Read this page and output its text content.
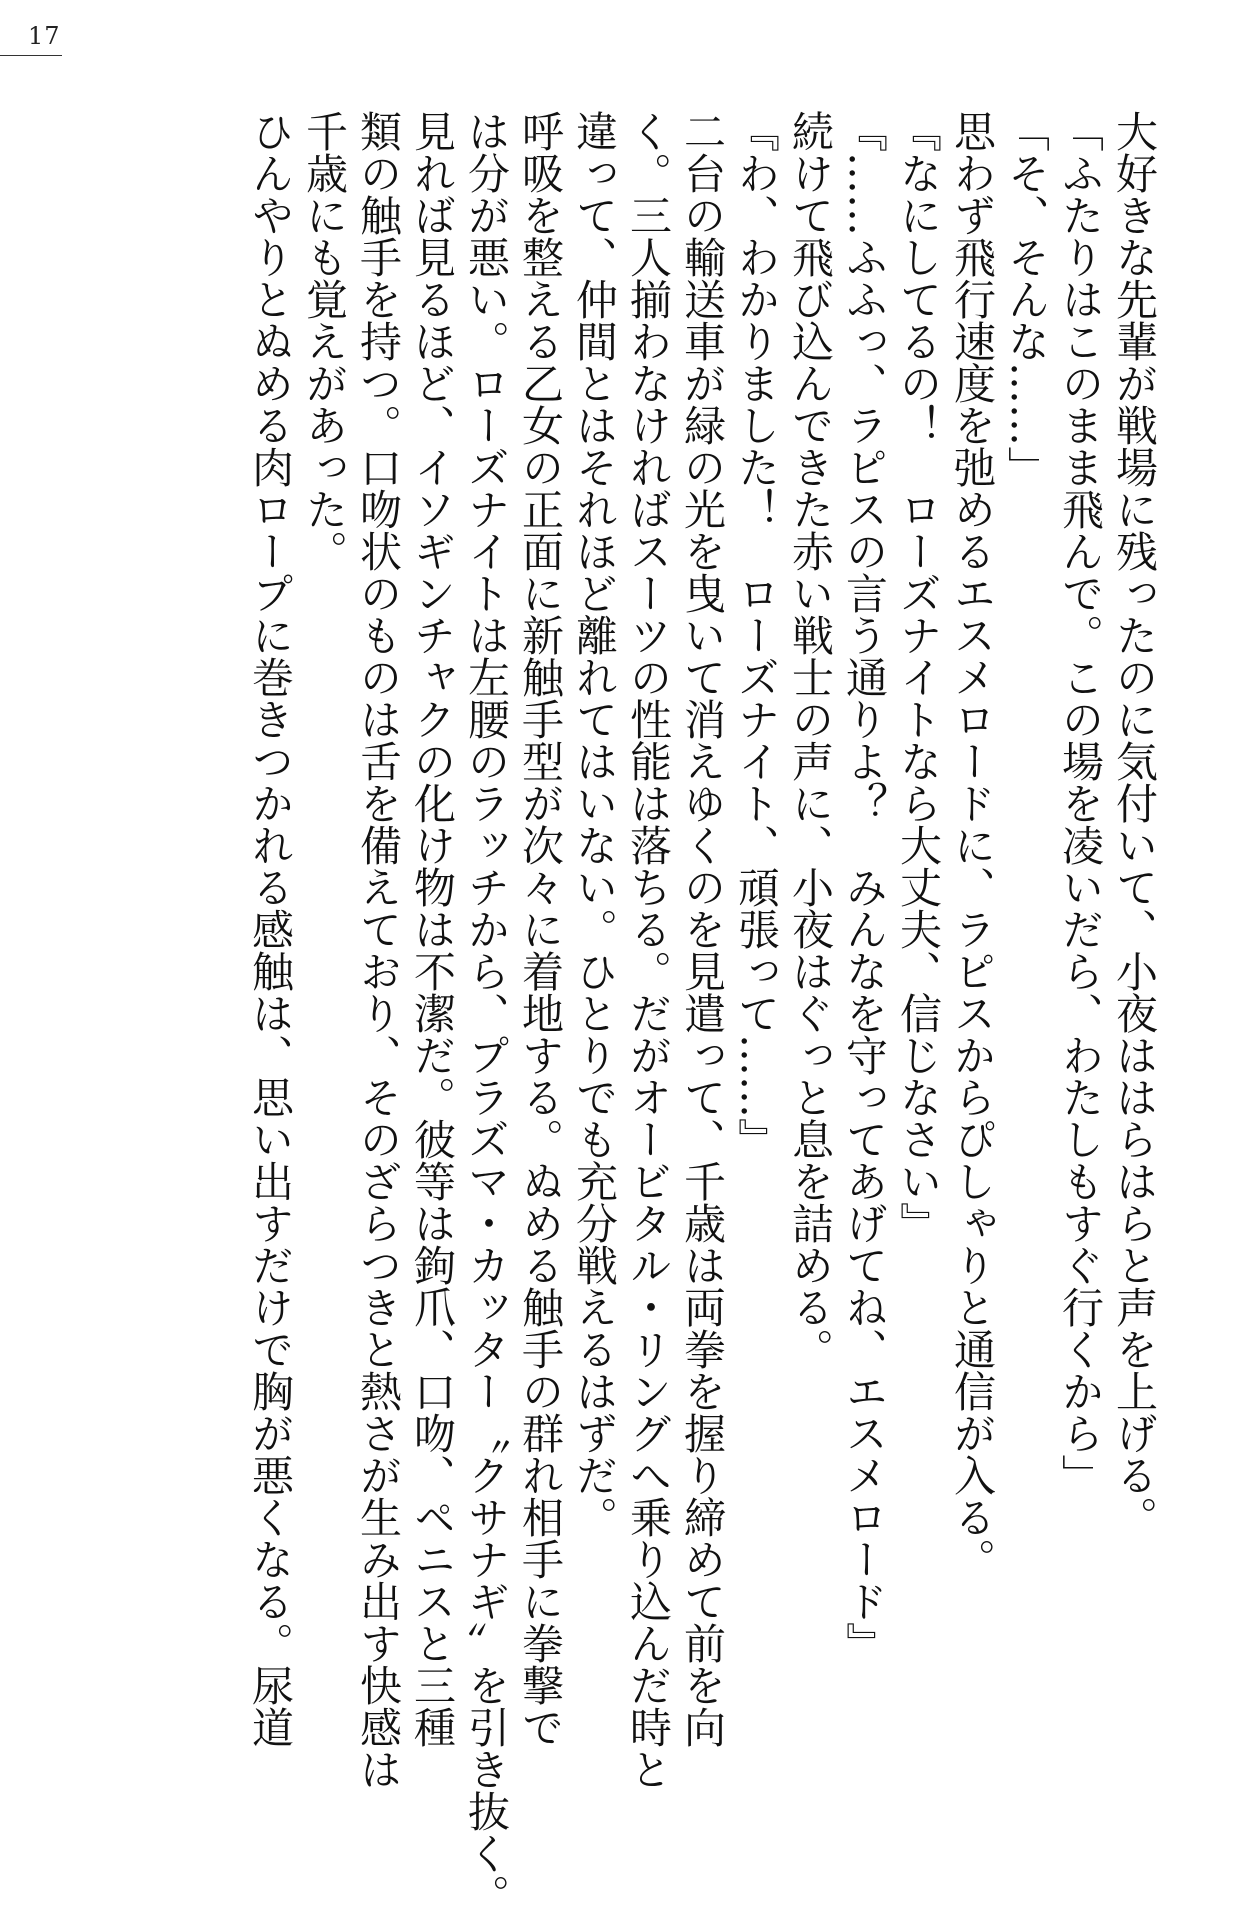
17
大好きな先輩が戦場に残ったのに気付いて、小夜ははらはらと声を上げる。
「ふたりはこのまま飛んで。この場を凌いだら、わたしもすぐ行くから」
「そ、そんな……」
思わず飛行速度を弛めるエスメロードに、ラピスからぴしゃりと通信が入る。
『なにしてるの！　ローズナイトなら大丈夫、信じなさい』
『……ふふっ、ラピスの言う通りよ？　みんなを守ってあげてね、エスメロード』
続けて飛び込んできた赤い戦士の声に、小夜はぐっと息を詰める。
『わ、わかりました！　ローズナイト、頑張って……』
二台の輸送車が緑の光を曳いて消えゆくのを見遣って、千歳は両拳を握り締めて前を向
く。三人揃わなければスーツの性能は落ちる。だがオービタル・リングへ乗り込んだ時と
違って、仲間とはそれほど離れてはいない。ひとりでも充分戦えるはずだ。
呼吸を整える乙女の正面に新触手型が次々に着地する。ぬめる触手の群れ相手に拳撃で
は分が悪い。ローズナイトは左腰のラッチから、プラズマ・カッター〝クサナギ〟を引き抜く。
見れば見るほど、イソギンチャクの化け物は不潔だ。彼等は鉤爪、口吻、ペニスと三種
類の触手を持つ。口吻状のものは舌を備えており、そのざらつきと熱さが生み出す快感は
千歳にも覚えがあった。
ひんやりとぬめる肉ロープに巻きつかれる感触は、思い出すだけで胸が悪くなる。尿道
